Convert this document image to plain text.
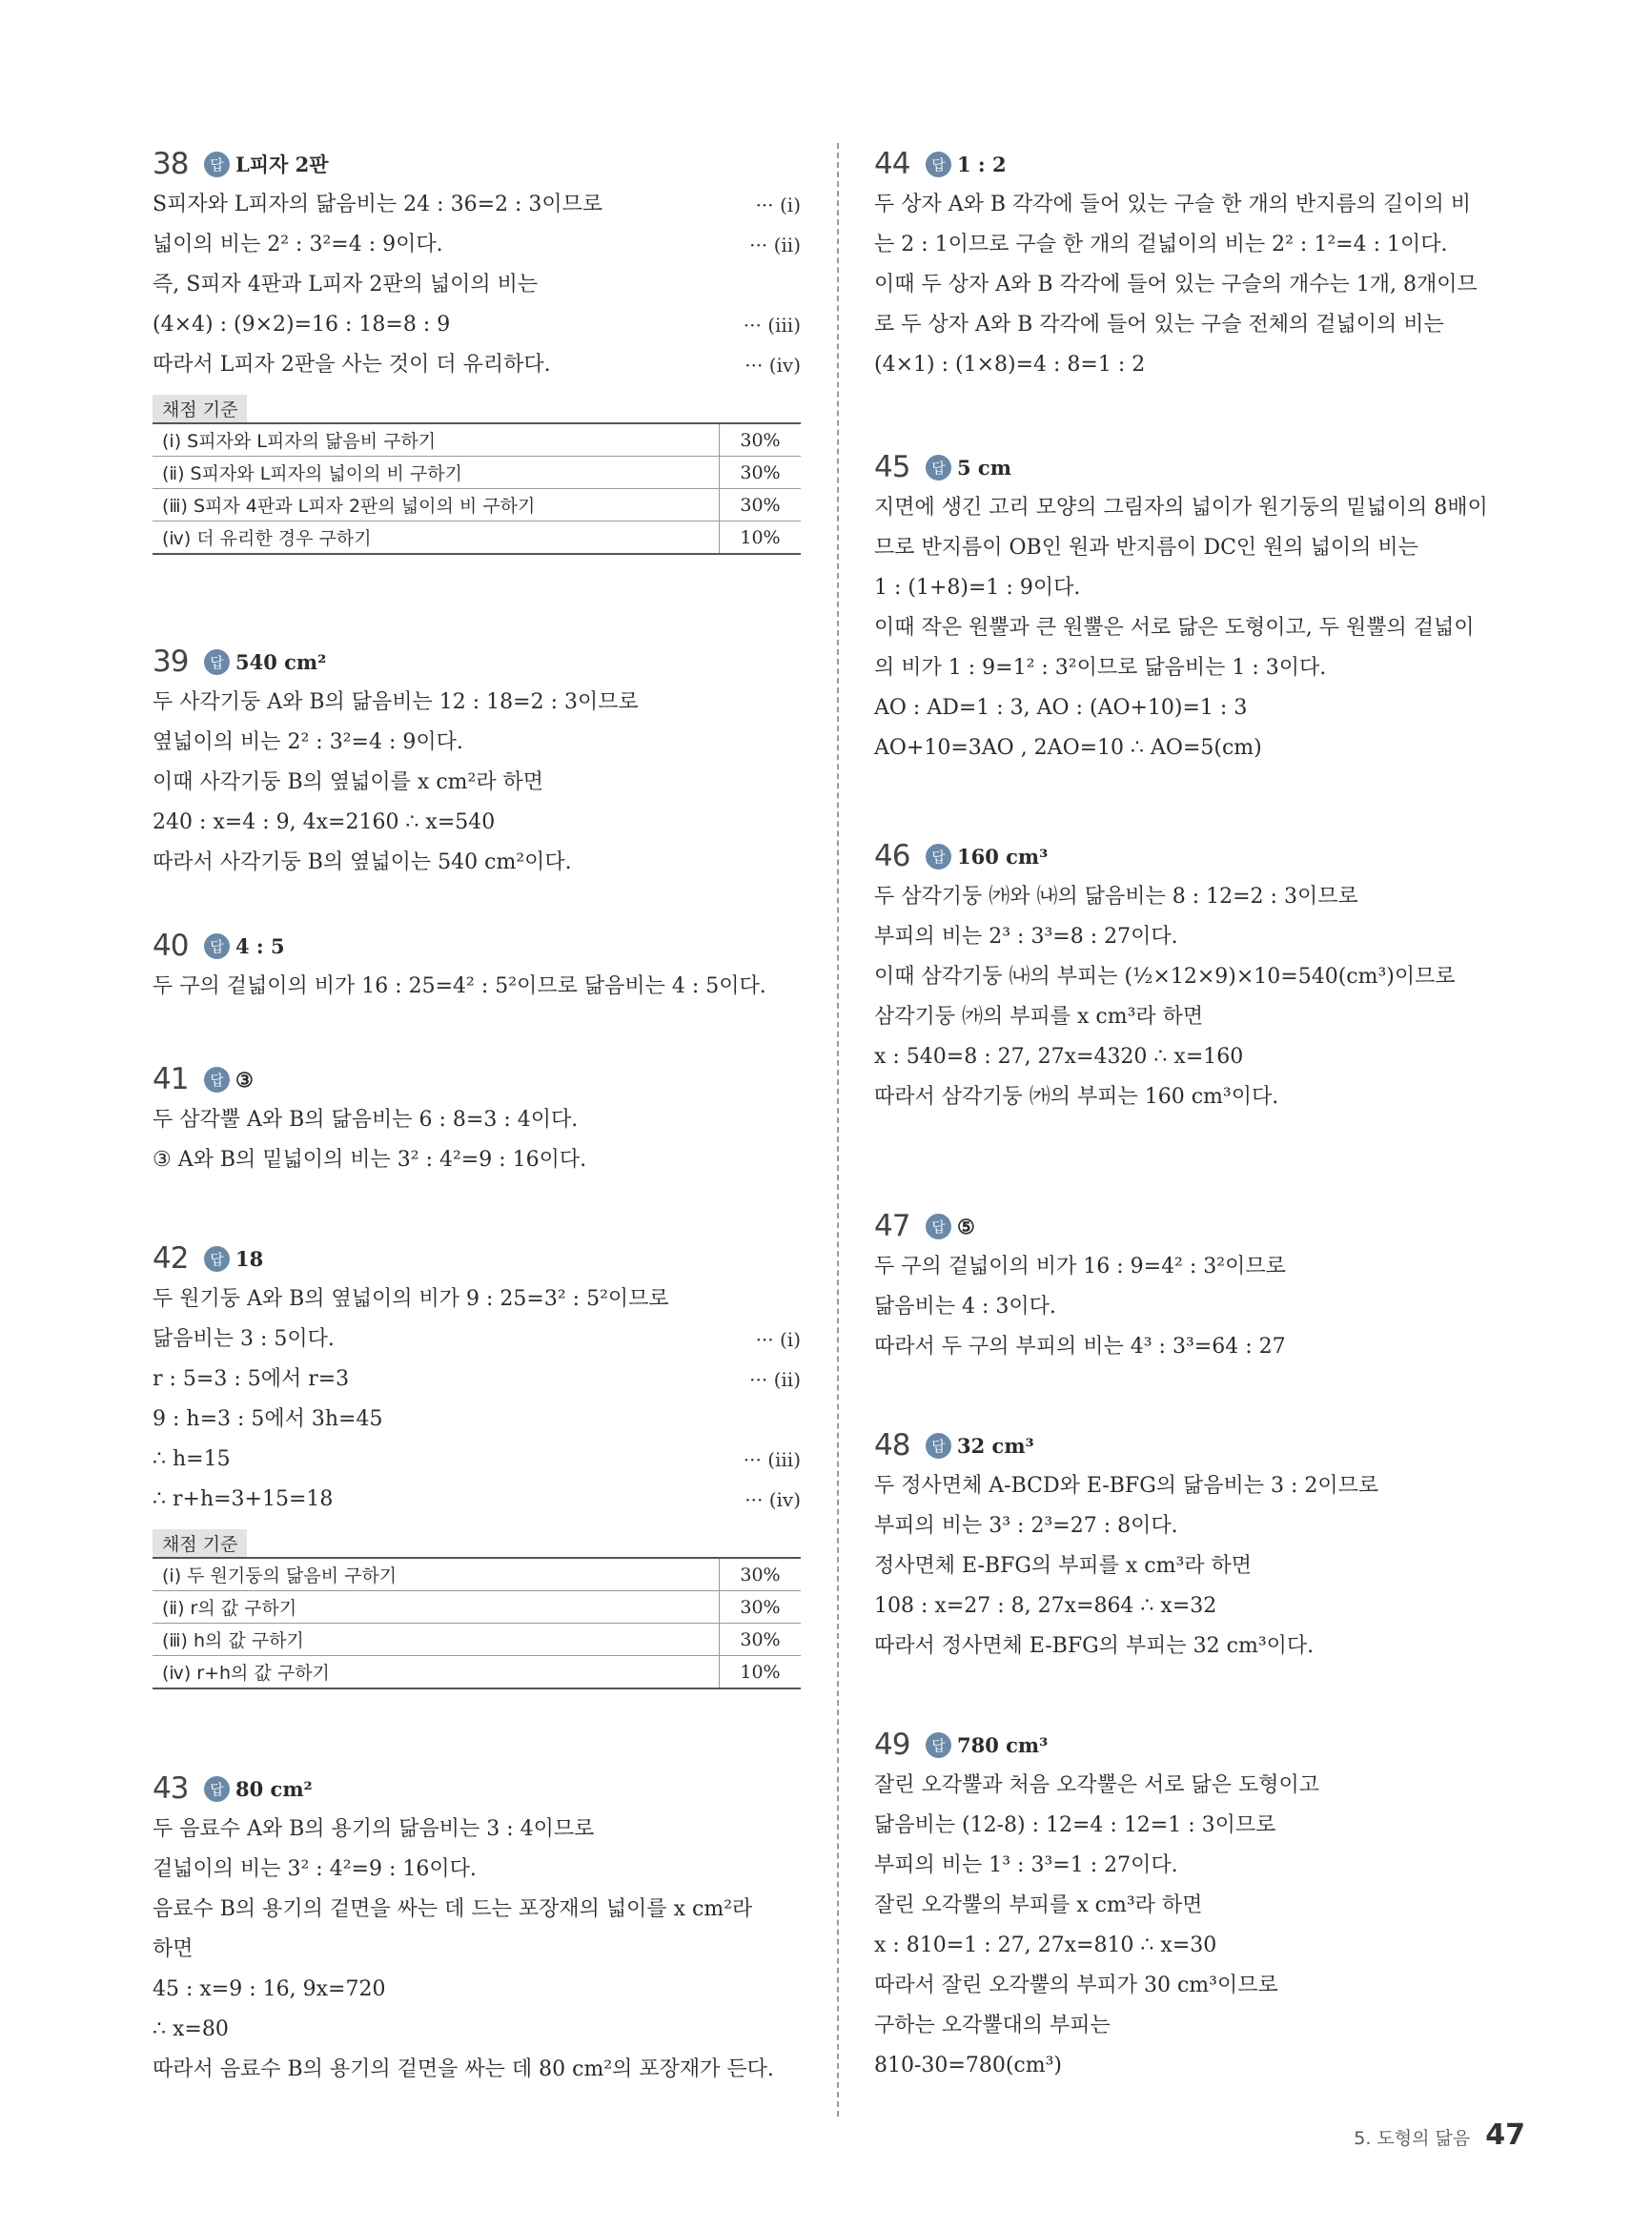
38	답 L피자 2판
S피자와 L피자의 닮음비는 24 : 36=2 : 3이므로	··· (ⅰ)
넓이의 비는 2² : 3²=4 : 9이다.	··· (ⅱ)
즉, S피자 4판과 L피자 2판의 넓이의 비는
(4×4) : (9×2)=16 : 18=8 : 9	··· (ⅲ)
따라서 L피자 2판을 사는 것이 더 유리하다.	··· (ⅳ)
채점 기준
(ⅰ) S피자와 L피자의 닮음비 구하기	30%
(ⅱ) S피자와 L피자의 넓이의 비 구하기	30%
(ⅲ) S피자 4판과 L피자 2판의 넓이의 비 구하기	30%
(ⅳ) 더 유리한 경우 구하기	10%
39	답 540 cm²
두 사각기둥 A와 B의 닮음비는 12 : 18=2 : 3이므로
옆넓이의 비는 2² : 3²=4 : 9이다.
이때 사각기둥 B의 옆넓이를 x cm²라 하면
240 : x=4 : 9, 4x=2160 ∴ x=540
따라서 사각기둥 B의 옆넓이는 540 cm²이다.
40	답 4 : 5
두 구의 겉넓이의 비가 16 : 25=4² : 5²이므로 닮음비는 4 : 5이다.
41	답 ③
두 삼각뿔 A와 B의 닮음비는 6 : 8=3 : 4이다.
③ A와 B의 밑넓이의 비는 3² : 4²=9 : 16이다.
42	답 18
두 원기둥 A와 B의 옆넓이의 비가 9 : 25=3² : 5²이므로
닮음비는 3 : 5이다.	··· (ⅰ)
r : 5=3 : 5에서 r=3	··· (ⅱ)
9 : h=3 : 5에서 3h=45
∴ h=15	··· (ⅲ)
∴ r+h=3+15=18	··· (ⅳ)
채점 기준
(ⅰ) 두 원기둥의 닮음비 구하기	30%
(ⅱ) r의 값 구하기	30%
(ⅲ) h의 값 구하기	30%
(ⅳ) r+h의 값 구하기	10%
43	답 80 cm²
두 음료수 A와 B의 용기의 닮음비는 3 : 4이므로
겉넓이의 비는 3² : 4²=9 : 16이다.
음료수 B의 용기의 겉면을 싸는 데 드는 포장재의 넓이를 x cm²라
하면
45 : x=9 : 16, 9x=720
∴ x=80
따라서 음료수 B의 용기의 겉면을 싸는 데 80 cm²의 포장재가 든다.
44	답 1 : 2
두 상자 A와 B 각각에 들어 있는 구슬 한 개의 반지름의 길이의 비
는 2 : 1이므로 구슬 한 개의 겉넓이의 비는 2² : 1²=4 : 1이다.
이때 두 상자 A와 B 각각에 들어 있는 구슬의 개수는 1개, 8개이므
로 두 상자 A와 B 각각에 들어 있는 구슬 전체의 겉넓이의 비는
(4×1) : (1×8)=4 : 8=1 : 2
45	답 5 cm
지면에 생긴 고리 모양의 그림자의 넓이가 원기둥의 밑넓이의 8배이
므로 반지름이 OB인 원과 반지름이 DC인 원의 넓이의 비는
1 : (1+8)=1 : 9이다.
이때 작은 원뿔과 큰 원뿔은 서로 닮은 도형이고, 두 원뿔의 겉넓이
의 비가 1 : 9=1² : 3²이므로 닮음비는 1 : 3이다.
AO : AD=1 : 3, AO : (AO+10)=1 : 3
AO+10=3AO , 2AO=10 ∴ AO=5(cm)
46	답 160 cm³
두 삼각기둥 ㈎와 ㈏의 닮음비는 8 : 12=2 : 3이므로
부피의 비는 2³ : 3³=8 : 27이다.
이때 삼각기둥 ㈏의 부피는 (½×12×9)×10=540(cm³)이므로
삼각기둥 ㈎의 부피를 x cm³라 하면
x : 540=8 : 27, 27x=4320 ∴ x=160
따라서 삼각기둥 ㈎의 부피는 160 cm³이다.
47	답 ⑤
두 구의 겉넓이의 비가 16 : 9=4² : 3²이므로
닮음비는 4 : 3이다.
따라서 두 구의 부피의 비는 4³ : 3³=64 : 27
48	답 32 cm³
두 정사면체 A-BCD와 E-BFG의 닮음비는 3 : 2이므로
부피의 비는 3³ : 2³=27 : 8이다.
정사면체 E-BFG의 부피를 x cm³라 하면
108 : x=27 : 8, 27x=864 ∴ x=32
따라서 정사면체 E-BFG의 부피는 32 cm³이다.
49	답 780 cm³
잘린 오각뿔과 처음 오각뿔은 서로 닮은 도형이고
닮음비는 (12-8) : 12=4 : 12=1 : 3이므로
부피의 비는 1³ : 3³=1 : 27이다.
잘린 오각뿔의 부피를 x cm³라 하면
x : 810=1 : 27, 27x=810 ∴ x=30
따라서 잘린 오각뿔의 부피가 30 cm³이므로
구하는 오각뿔대의 부피는
810-30=780(cm³)
5. 도형의 닮음 47
